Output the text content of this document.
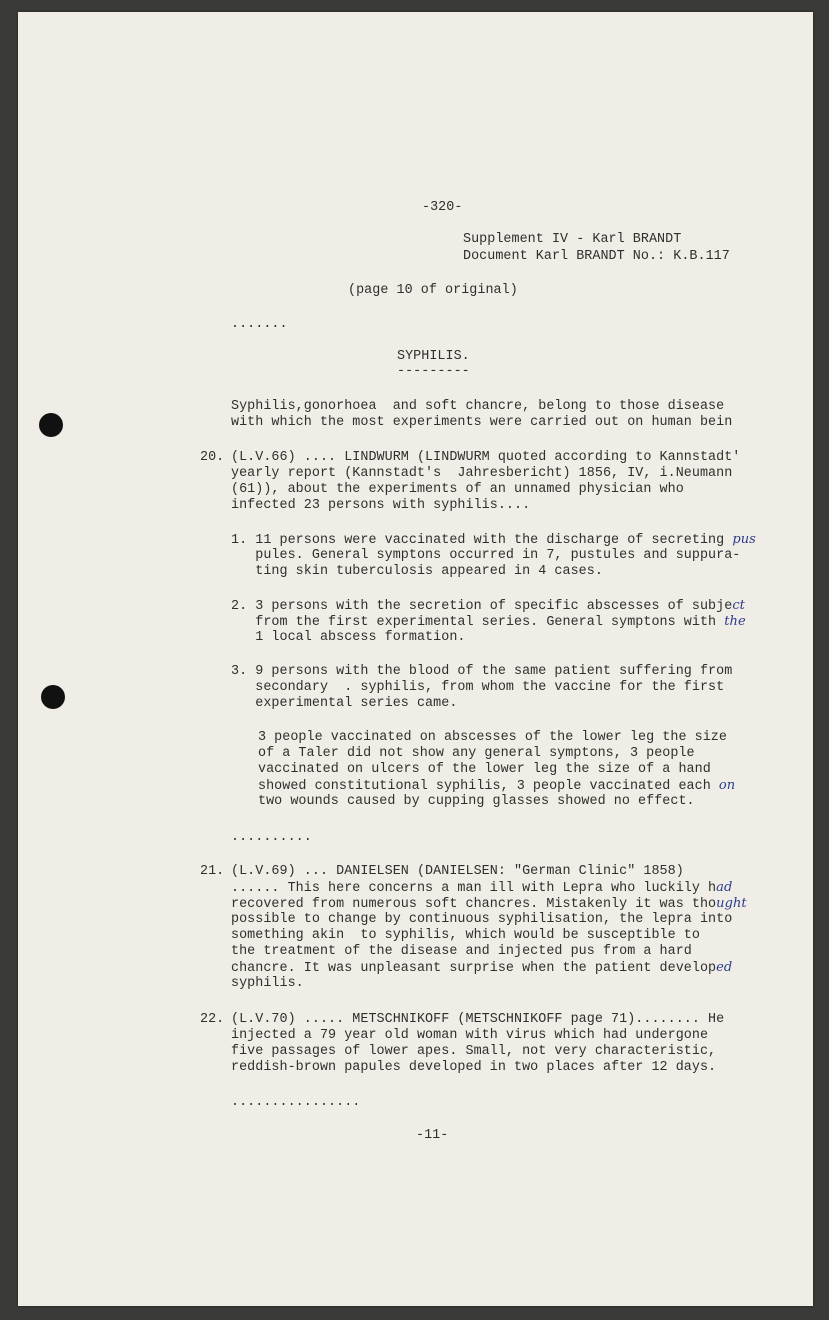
-320-
Supplement IV - Karl BRANDT
Document Karl BRANDT No.: K.B.117
(page 10 of original)
.......
SYPHILIS.
---------
Syphilis,gonorhoea  and soft chancre, belong to those disease
with which the most experiments were carried out on human bein
20. (L.V.66) .... LINDWURM (LINDWURM quoted according to Kannstadt'
yearly report (Kannstadt's  Jahresbericht) 1856, IV, i.Neumann
(61)), about the experiments of an unnamed physician who
infected 23 persons with syphilis....
1. 11 persons were vaccinated with the discharge of secreting pus
pules. General symptons occurred in 7, pustules and suppura-
ting skin tuberculosis appeared in 4 cases.
2. 3 persons with the secretion of specific abscesses of subject
from the first experimental series. General symptons with the
1 local abscess formation.
3. 9 persons with the blood of the same patient suffering from
secondary  . syphilis, from whom the vaccine for the first
experimental series came.
3 people vaccinated on abscesses of the lower leg the size
of a Taler did not show any general symptons, 3 people
vaccinated on ulcers of the lower leg the size of a hand
showed constitutional syphilis, 3 people vaccinated each on
two wounds caused by cupping glasses showed no effect.
..........
21. (L.V.69) ... DANIELSEN (DANIELSEN: "German Clinic" 1858)
...... This here concerns a man ill with Lepra who luckily had
recovered from numerous soft chancres. Mistakenly it was thought
possible to change by continuous syphilisation, the lepra into
something akin  to syphilis, which would be susceptible to
the treatment of the disease and injected pus from a hard
chancre. It was unpleasant surprise when the patient developed
syphilis.
22. (L.V.70) ..... METSCHNIKOFF (METSCHNIKOFF page 71)........ He
injected a 79 year old woman with virus which had undergone
five passages of lower apes. Small, not very characteristic,
reddish-brown papules developed in two places after 12 days.
................
-11-
